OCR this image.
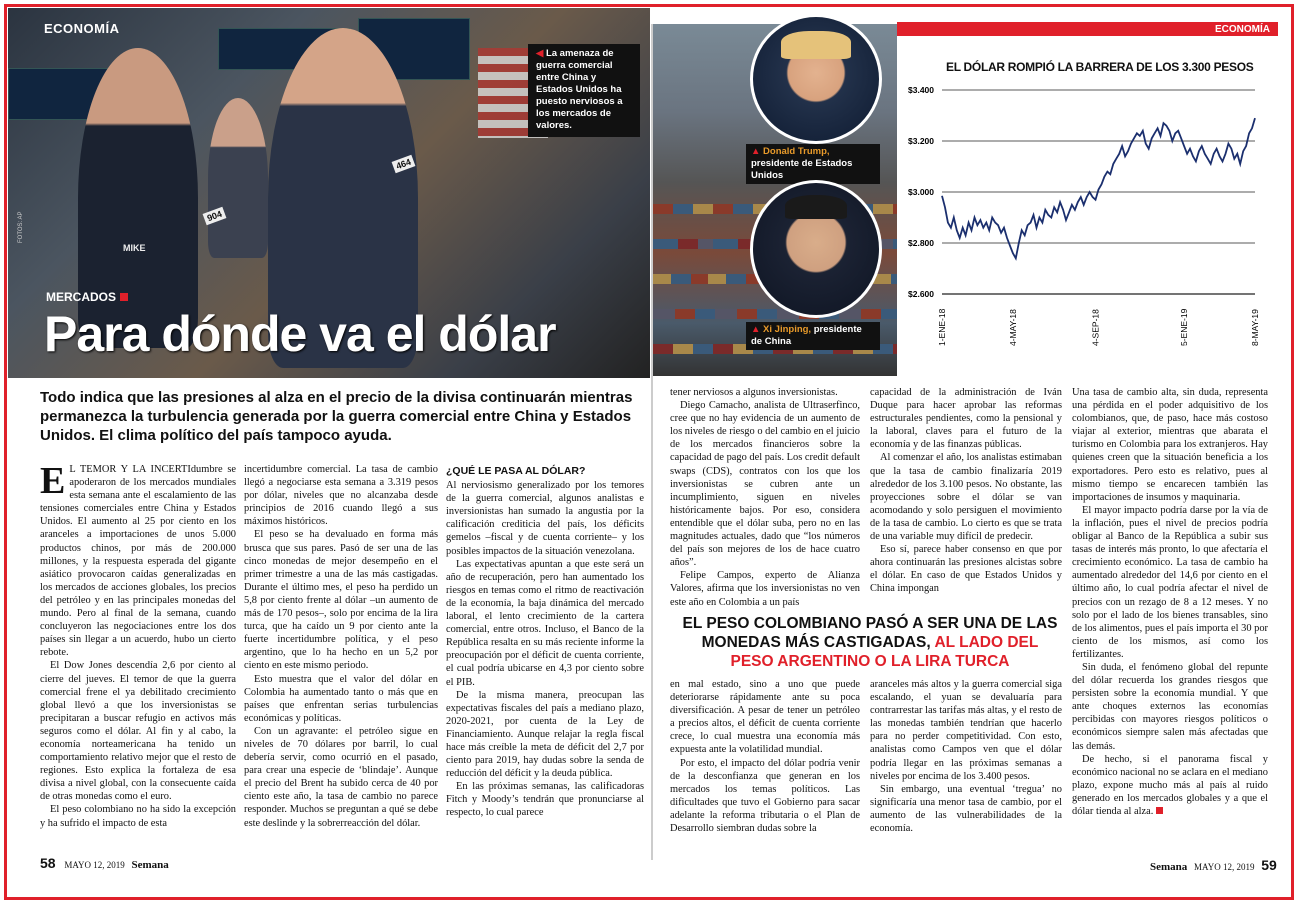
904
464
MIKE
FOTOS: AP
ECONOMÍA
◀ La amenaza de guerra comercial entre China y Estados Unidos ha puesto nerviosos a los mercados de valores.
MERCADOS
Para dónde va el dólar
Todo indica que las presiones al alza en el precio de la divisa continuarán mientras permanezca la turbulencia generada por la guerra comercial entre China y Estados Unidos. El clima político del país tampoco ayuda.
E L TEMOR Y LA INCERTIdumbre se apoderaron de los mercados mundiales esta semana ante el escalamiento de las tensiones comerciales entre China y Estados Unidos. El aumento al 25 por ciento en los aranceles a importaciones de unos 5.000 productos chinos, por más de 200.000 millones, y la respuesta esperada del gigante asiático provocaron caídas generalizadas en los mercados de acciones globales, los precios del petróleo y en las principales monedas del mundo. Pero al final de la semana, cuando concluyeron las negociaciones entre los dos países sin llegar a un acuerdo, hubo un cierto rebote.

El Dow Jones descendía 2,6 por ciento al cierre del jueves. El temor de que la guerra comercial frene el ya debilitado crecimiento global llevó a que los inversionistas se precipitaran a buscar refugio en activos más seguros como el dólar. Al fin y al cabo, la economía norteamericana ha tenido un comportamiento relativo mejor que el resto de regiones. Esto explica la fortaleza de esa divisa a nivel global, con la consecuente caída de otras monedas como el euro.

El peso colombiano no ha sido la excepción y ha sufrido el impacto de esta

incertidumbre comercial. La tasa de cambio llegó a negociarse esta semana a 3.319 pesos por dólar, niveles que no alcanzaba desde principios de 2016 cuando llegó a sus máximos históricos.

El peso se ha devaluado en forma más brusca que sus pares. Pasó de ser una de las cinco monedas de mejor desempeño en el primer trimestre a una de las más castigadas. Durante el último mes, el peso ha perdido un 5,8 por ciento frente al dólar –un aumento de más de 170 pesos–, solo por encima de la lira turca, que ha caído un 9 por ciento ante la fuerte incertidumbre política, y el peso argentino, que lo ha hecho en un 5,2 por ciento en este mismo periodo.

Esto muestra que el valor del dólar en Colombia ha aumentado tanto o más que en países que enfrentan serias turbulencias económicas y políticas.

Con un agravante: el petróleo sigue en niveles de 70 dólares por barril, lo cual debería servir, como ocurrió en el pasado, para crear una especie de ‘blindaje’. Aunque el precio del Brent ha subido cerca de 40 por ciento este año, la tasa de cambio no parece responder. Muchos se preguntan a qué se debe este deslinde y la sobrerreacción del dólar.

¿QUÉ LE PASA AL DÓLAR?

Al nerviosismo generalizado por los temores de la guerra comercial, algunos analistas e inversionistas han sumado la angustia por la calificación crediticia del país, los déficits gemelos –fiscal y de cuenta corriente– y los posibles impactos de la situación venezolana.

Las expectativas apuntan a que este será un año de recuperación, pero han aumentado los riesgos en temas como el ritmo de reactivación de la economía, la baja dinámica del mercado laboral, el lento crecimiento de la cartera comercial, entre otros. Incluso, el Banco de la República resalta en su más reciente informe la preocupación por el déficit de cuenta corriente, el cual podría ubicarse en 4,3 por ciento sobre el PIB.

De la misma manera, preocupan las expectativas fiscales del país a mediano plazo, 2020-2021, por cuenta de la Ley de Financiamiento. Aunque relajar la regla fiscal hace más creíble la meta de déficit del 2,7 por ciento para 2019, hay dudas sobre la senda de reducción del déficit y la deuda pública.

En las próximas semanas, las calificadoras Fitch y Moody’s tendrán que pronunciarse al respecto, lo cual parece

58 MAYO 12, 2019 Semana
▲ Donald Trump, presidente de Estados Unidos
▲ Xi Jinping, presidente de China
ECONOMÍA
EL DÓLAR ROMPIÓ LA BARRERA DE LOS 3.300 PESOS
$3.400
$3.200
$3.000
$2.800
$2.600
1-ENE-18	4-MAY-18	4-SEP-18	5-ENE-19	8-MAY-19

tener nerviosos a algunos inversionistas.

Diego Camacho, analista de Ultraserfinco, cree que no hay evidencia de un aumento de los niveles de riesgo o del cambio en el juicio de los mercados financieros sobre la capacidad de pago del país. Los credit default swaps (CDS), contratos con los que los inversionistas se cubren ante un incumplimiento, siguen en niveles históricamente bajos. Por eso, considera entendible que el dólar suba, pero no en las magnitudes actuales, dado que “los números del país son mejores de los de hace cuatro años”.

Felipe Campos, experto de Alianza Valores, afirma que los inversionistas no ven este año en Colombia a un país

capacidad de la administración de Iván Duque para hacer aprobar las reformas estructurales pendientes, como la pensional y la laboral, claves para el futuro de la economía y de las finanzas públicas.

Al comenzar el año, los analistas estimaban que la tasa de cambio finalizaría 2019 alrededor de los 3.100 pesos. No obstante, las proyecciones sobre el dólar se van acomodando y solo persiguen el movimiento de la tasa de cambio. Lo cierto es que se trata de una variable muy difícil de predecir.

Eso sí, parece haber consenso en que por ahora continuarán las presiones alcistas sobre el dólar. En caso de que Estados Unidos y China impongan

EL PESO COLOMBIANO PASÓ A SER UNA DE LAS MONEDAS MÁS CASTIGADAS, AL LADO DEL PESO ARGENTINO O LA LIRA TURCA

en mal estado, sino a uno que puede deteriorarse rápidamente ante su poca diversificación. A pesar de tener un petróleo a precios altos, el déficit de cuenta corriente crece, lo cual muestra una economía más expuesta ante la volatilidad mundial.

Por esto, el impacto del dólar podría venir de la desconfianza que generan en los mercados los temas políticos. Las dificultades que tuvo el Gobierno para sacar adelante la reforma tributaria o el Plan de Desarrollo siembran dudas sobre la

aranceles más altos y la guerra comercial siga escalando, el yuan se devaluaría para contrarrestar las tarifas más altas, y el resto de las monedas también tendrían que hacerlo para no perder competitividad. Con esto, analistas como Campos ven que el dólar podría llegar en las próximas semanas a niveles por encima de los 3.400 pesos.

Sin embargo, una eventual ‘tregua’ no significaría una menor tasa de cambio, por el aumento de las vulnerabilidades de la economía.

Una tasa de cambio alta, sin duda, representa una pérdida en el poder adquisitivo de los colombianos, que, de paso, hace más costoso viajar al exterior, mientras que abarata el turismo en Colombia para los extranjeros. Hay quienes creen que la situación beneficia a los exportadores. Pero esto es relativo, pues al mismo tiempo se encarecen también las importaciones de insumos y maquinaria.

El mayor impacto podría darse por la vía de la inflación, pues el nivel de precios podría obligar al Banco de la República a subir sus tasas de interés más pronto, lo que afectaría el crecimiento económico. La tasa de cambio ha aumentado alrededor del 14,6 por ciento en el último año, lo cual podría afectar el nivel de precios con un rezago de 8 a 12 meses. Y no solo por el lado de los bienes transables, sino de los alimentos, pues el país importa el 30 por ciento de los mismos, así como los fertilizantes.

Sin duda, el fenómeno global del repunte del dólar recuerda los grandes riesgos que persisten sobre la economía mundial. Y que ante choques externos las economías percibidas con mayores riesgos políticos o económicos siempre salen más afectadas que las demás.

De hecho, si el panorama fiscal y económico nacional no se aclara en el mediano plazo, expone mucho más al país al ruido generado en los mercados globales y a que el dólar tienda al alza.

Semana MAYO 12, 2019 59
